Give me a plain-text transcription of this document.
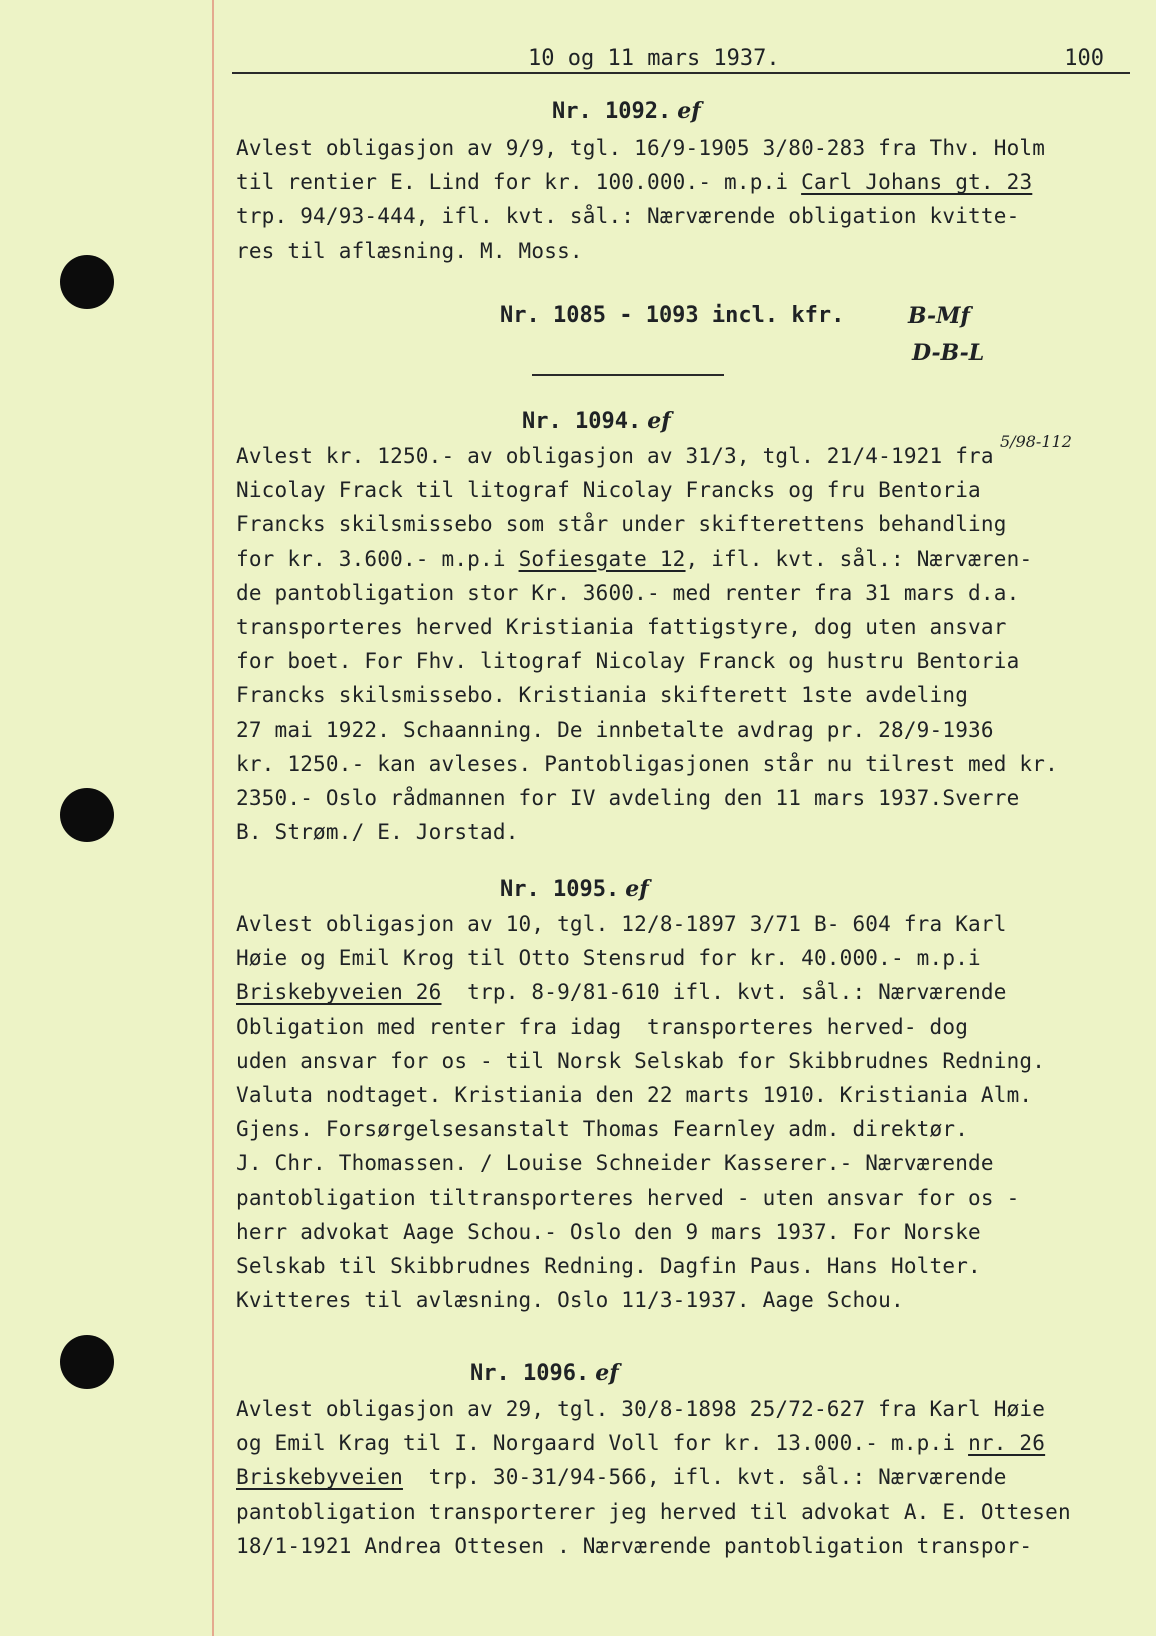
10 og 11 mars 1937.	100
Nr. 1092. ef
Avlest obligasjon av 9/9, tgl. 16/9-1905 3/80-283 fra Thv. Holm
til rentier E. Lind for kr. 100.000.- m.p.i Carl Johans gt. 23
trp. 94/93-444, ifl. kvt. sål.: Nærværende obligation kvitte-
res til aflæsning. M. Moss.
Nr. 1085 - 1093 incl. kfr.	B-Mf
D-B-L
Nr. 1094. ef
5/98-112
Avlest kr. 1250.- av obligasjon av 31/3, tgl. 21/4-1921 fra
Nicolay Frack til litograf Nicolay Francks og fru Bentoria
Francks skilsmissebo som står under skifterettens behandling
for kr. 3.600.- m.p.i Sofiesgate 12, ifl. kvt. sål.: Nærværen-
de pantobligation stor Kr. 3600.- med renter fra 31 mars d.a.
transporteres herved Kristiania fattigstyre, dog uten ansvar
for boet. For Fhv. litograf Nicolay Franck og hustru Bentoria
Francks skilsmissebo. Kristiania skifterett 1ste avdeling
27 mai 1922. Schaanning. De innbetalte avdrag pr. 28/9-1936
kr. 1250.- kan avleses. Pantobligasjonen står nu tilrest med kr.
2350.- Oslo rådmannen for IV avdeling den 11 mars 1937.Sverre
B. Strøm./ E. Jorstad.
Nr. 1095. ef
Avlest obligasjon av 10, tgl. 12/8-1897 3/71 B- 604 fra Karl
Høie og Emil Krog til Otto Stensrud for kr. 40.000.- m.p.i
Briskebyveien 26  trp. 8-9/81-610 ifl. kvt. sål.: Nærværende
Obligation med renter fra idag  transporteres herved- dog
uden ansvar for os - til Norsk Selskab for Skibbrudnes Redning.
Valuta nodtaget. Kristiania den 22 marts 1910. Kristiania Alm.
Gjens. Forsørgelsesanstalt Thomas Fearnley adm. direktør.
J. Chr. Thomassen. / Louise Schneider Kasserer.- Nærværende
pantobligation tiltransporteres herved - uten ansvar for os -
herr advokat Aage Schou.- Oslo den 9 mars 1937. For Norske
Selskab til Skibbrudnes Redning. Dagfin Paus. Hans Holter.
Kvitteres til avlæsning. Oslo 11/3-1937. Aage Schou.
Nr. 1096. ef
Avlest obligasjon av 29, tgl. 30/8-1898 25/72-627 fra Karl Høie
og Emil Krag til I. Norgaard Voll for kr. 13.000.- m.p.i nr. 26
Briskebyveien  trp. 30-31/94-566, ifl. kvt. sål.: Nærværende
pantobligation transporterer jeg herved til advokat A. E. Ottesen
18/1-1921 Andrea Ottesen . Nærværende pantobligation transpor-
